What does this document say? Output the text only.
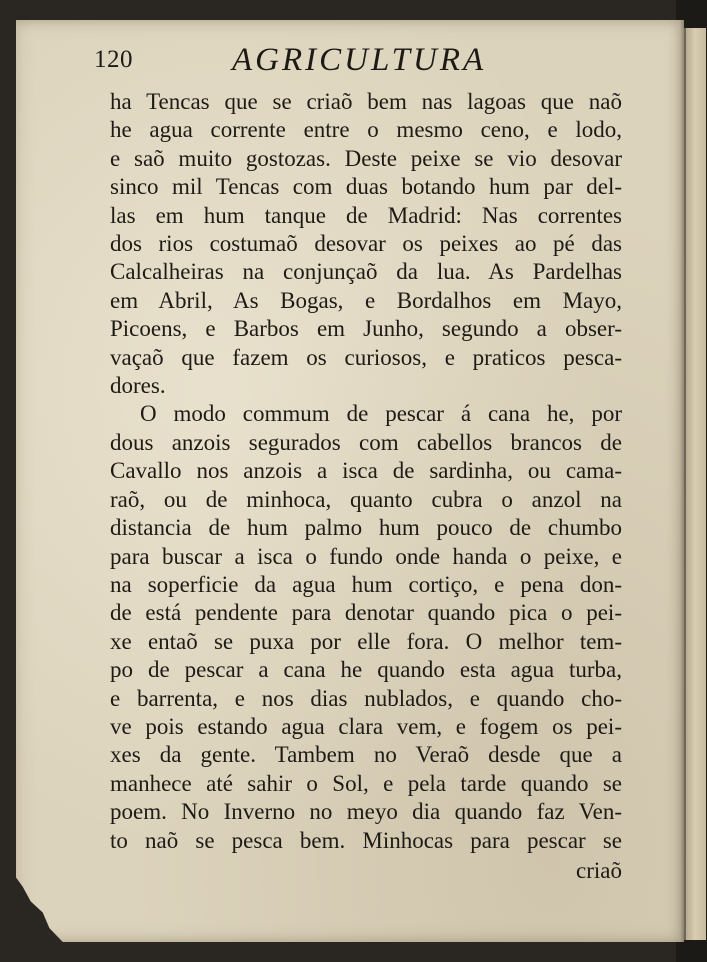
120	AGRICULTURA
ha Tencas que se criaõ bem nas lagoas que naõ
he agua corrente entre o mesmo ceno, e lodo,
e saõ muito gostozas. Deste peixe se vio desovar
sinco mil Tencas com duas botando hum par del-
las em hum tanque de Madrid: Nas correntes
dos rios costumaõ desovar os peixes ao pé das
Calcalheiras na conjunçaõ da lua. As Pardelhas
em Abril, As Bogas, e Bordalhos em Mayo,
Picoens, e Barbos em Junho, segundo a obser-
vaçaõ que fazem os curiosos, e praticos pesca-
dores.
O modo commum de pescar á cana he, por
dous anzois segurados com cabellos brancos de
Cavallo nos anzois a isca de sardinha, ou cama-
raõ, ou de minhoca, quanto cubra o anzol na
distancia de hum palmo hum pouco de chumbo
para buscar a isca o fundo onde handa o peixe, e
na soperficie da agua hum cortiço, e pena don-
de está pendente para denotar quando pica o pei-
xe entaõ se puxa por elle fora. O melhor tem-
po de pescar a cana he quando esta agua turba,
e barrenta, e nos dias nublados, e quando cho-
ve pois estando agua clara vem, e fogem os pei-
xes da gente. Tambem no Veraõ desde que a
manhece até sahir o Sol, e pela tarde quando se
poem. No Inverno no meyo dia quando faz Ven-
to naõ se pesca bem. Minhocas para pescar se
criaõ
